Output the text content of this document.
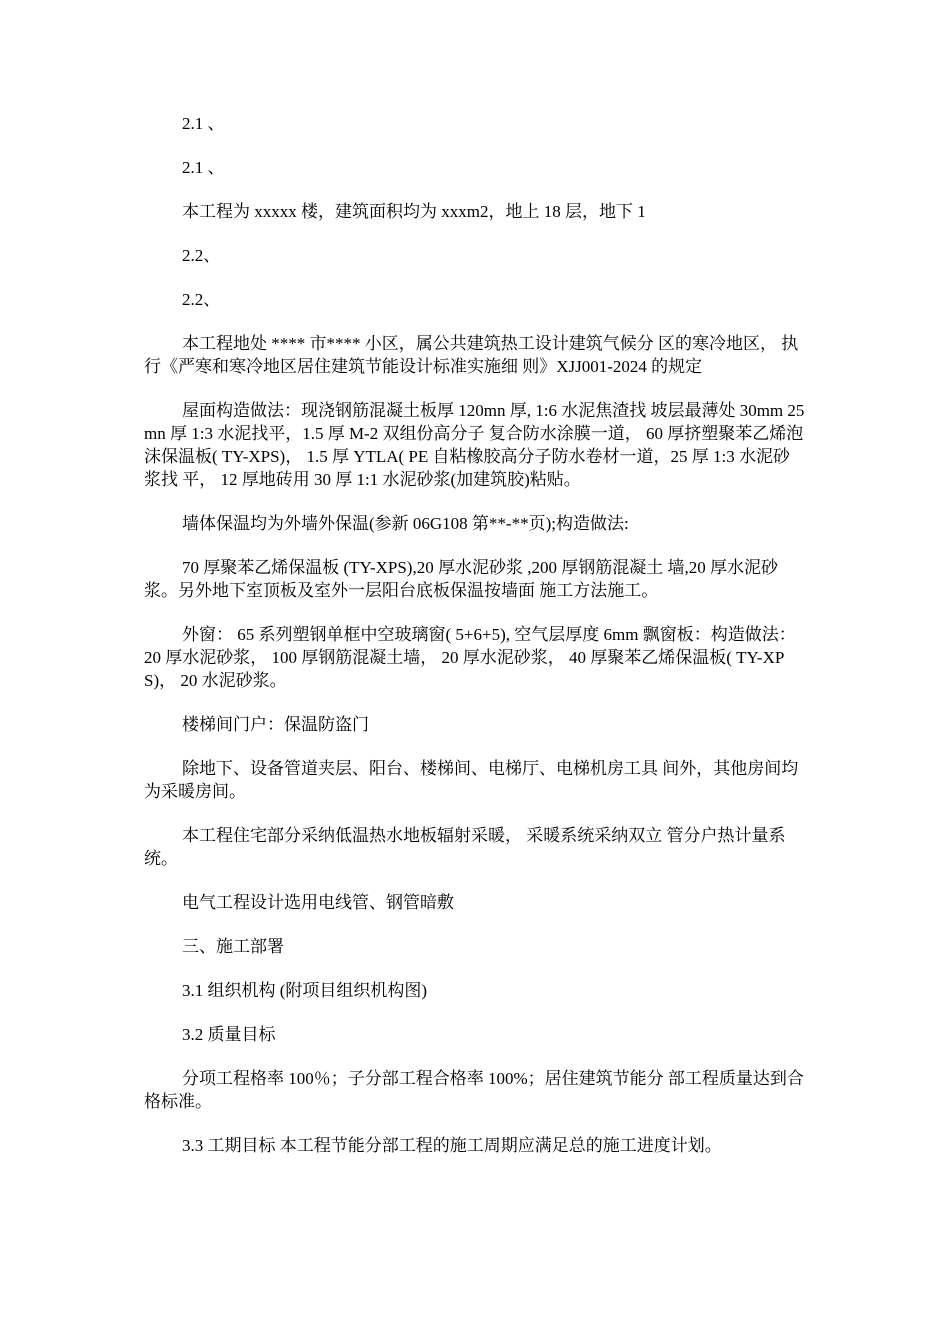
2.1 、

2.1 、

本工程为 xxxxx 楼，建筑面积均为 xxxm2，地上 18 层，地下 1

2.2、

2.2、

本工程地处 **** 市**** 小区，属公共建筑热工设计建筑气候分 区的寒冷地区， 执行《严寒和寒冷地区居住建筑节能设计标准实施细 则》XJJ001-2024 的规定

屋面构造做法：现浇钢筋混凝土板厚 120mn 厚, 1:6 水泥焦渣找 坡层最薄处 30mm 25mn 厚 1:3 水泥找平，1.5 厚 M-2 双组份高分子 复合防水涂膜一道， 60 厚挤塑聚苯乙烯泡沫保温板( TY-XPS)， 1.5 厚 YTLA( PE 自粘橡胶高分子防水卷材一道，25 厚 1:3 水泥砂浆找 平， 12 厚地砖用 30 厚 1:1 水泥砂浆(加建筑胶)粘贴。

墙体保温均为外墙外保温(参新 06G108 第**-**页);构造做法:

70 厚聚苯乙烯保温板 (TY-XPS),20 厚水泥砂浆 ,200 厚钢筋混凝土 墙,20 厚水泥砂浆。另外地下室顶板及室外一层阳台底板保温按墙面 施工方法施工。

外窗： 65 系列塑钢单框中空玻璃窗( 5+6+5), 空气层厚度 6mm 飘窗板：构造做法： 20 厚水泥砂浆， 100 厚钢筋混凝土墙， 20 厚水泥砂浆， 40 厚聚苯乙烯保温板( TY-XPS)， 20 水泥砂浆。

楼梯间门户：保温防盗门

除地下、设备管道夹层、阳台、楼梯间、电梯厅、电梯机房工具 间外，其他房间均为采暖房间。

本工程住宅部分采纳低温热水地板辐射采暖， 采暖系统采纳双立 管分户热计量系统。

电气工程设计选用电线管、钢管暗敷

三、施工部署

3.1 组织机构 (附项目组织机构图)

3.2 质量目标

分项工程格率 100％；子分部工程合格率 100%；居住建筑节能分 部工程质量达到合格标准。

3.3 工期目标 本工程节能分部工程的施工周期应满足总的施工进度计划。
